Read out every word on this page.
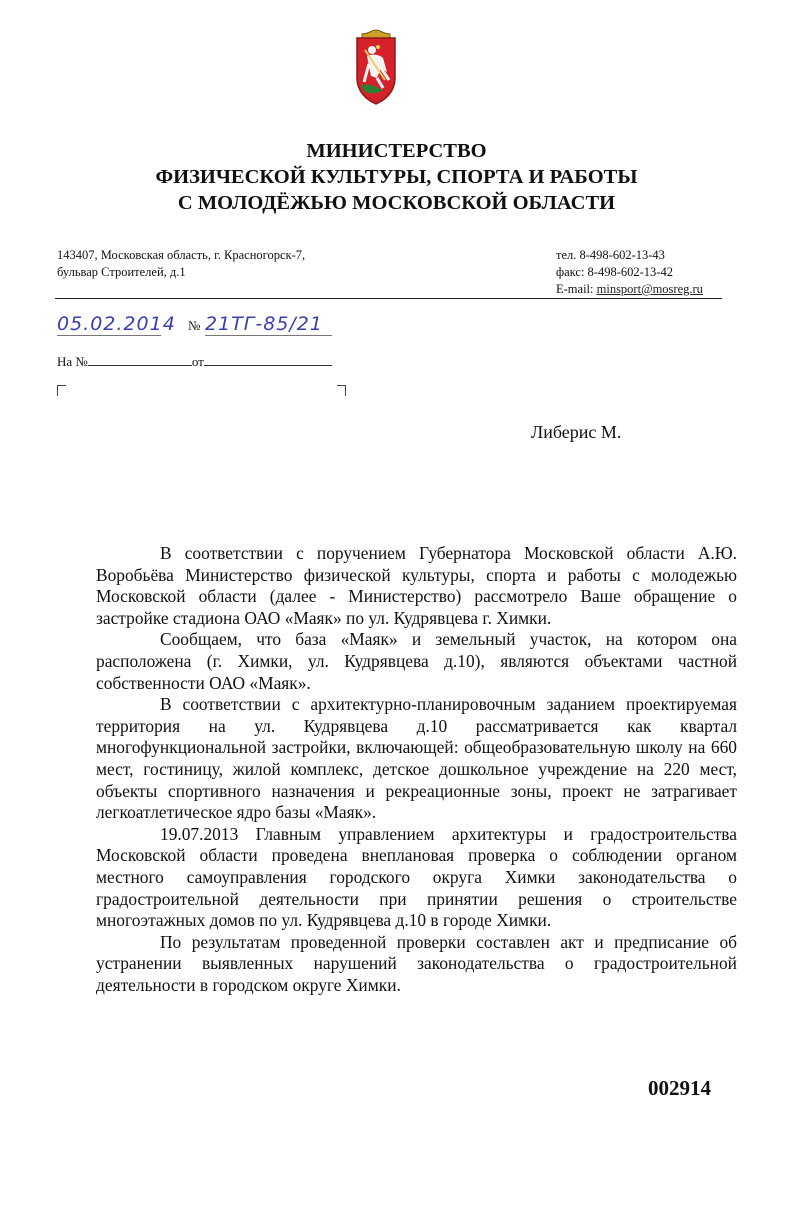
МИНИСТЕРСТВО
ФИЗИЧЕСКОЙ КУЛЬТУРЫ, СПОРТА И РАБОТЫ
С МОЛОДЁЖЬЮ МОСКОВСКОЙ ОБЛАСТИ
143407, Московская область, г. Красногорск-7,
бульвар Строителей, д.1
тел. 8-498-602-13-43
факс: 8-498-602-13-42
E-mail: minsport@mosreg.ru
05.02.2014 № 21ТГ-85/21
На №	от
Либерис М.

В соответствии с поручением Губернатора Московской области А.Ю. Воробьёва Министерство физической культуры, спорта и работы с молодежью Московской области (далее - Министерство) рассмотрело Ваше обращение о застройке стадиона ОАО «Маяк» по ул. Кудрявцева г. Химки.

Сообщаем, что база «Маяк» и земельный участок, на котором она расположена (г. Химки, ул. Кудрявцева д.10), являются объектами частной собственности ОАО «Маяк».

В соответствии с архитектурно-планировочным заданием проектируемая территория на ул. Кудрявцева д.10 рассматривается как квартал многофункциональной застройки, включающей: общеобразовательную школу на 660 мест, гостиницу, жилой комплекс, детское дошкольное учреждение на 220 мест, объекты спортивного назначения и рекреационные зоны, проект не затрагивает легкоатлетическое ядро базы «Маяк».

19.07.2013 Главным управлением архитектуры и градостроительства Московской области проведена внеплановая проверка о соблюдении органом местного самоуправления городского округа Химки законодательства о градостроительной деятельности при принятии решения о строительстве многоэтажных домов по ул. Кудрявцева д.10 в городе Химки.

По результатам проведенной проверки составлен акт и предписание об устранении выявленных нарушений законодательства о градостроительной деятельности в городском округе Химки.

002914
